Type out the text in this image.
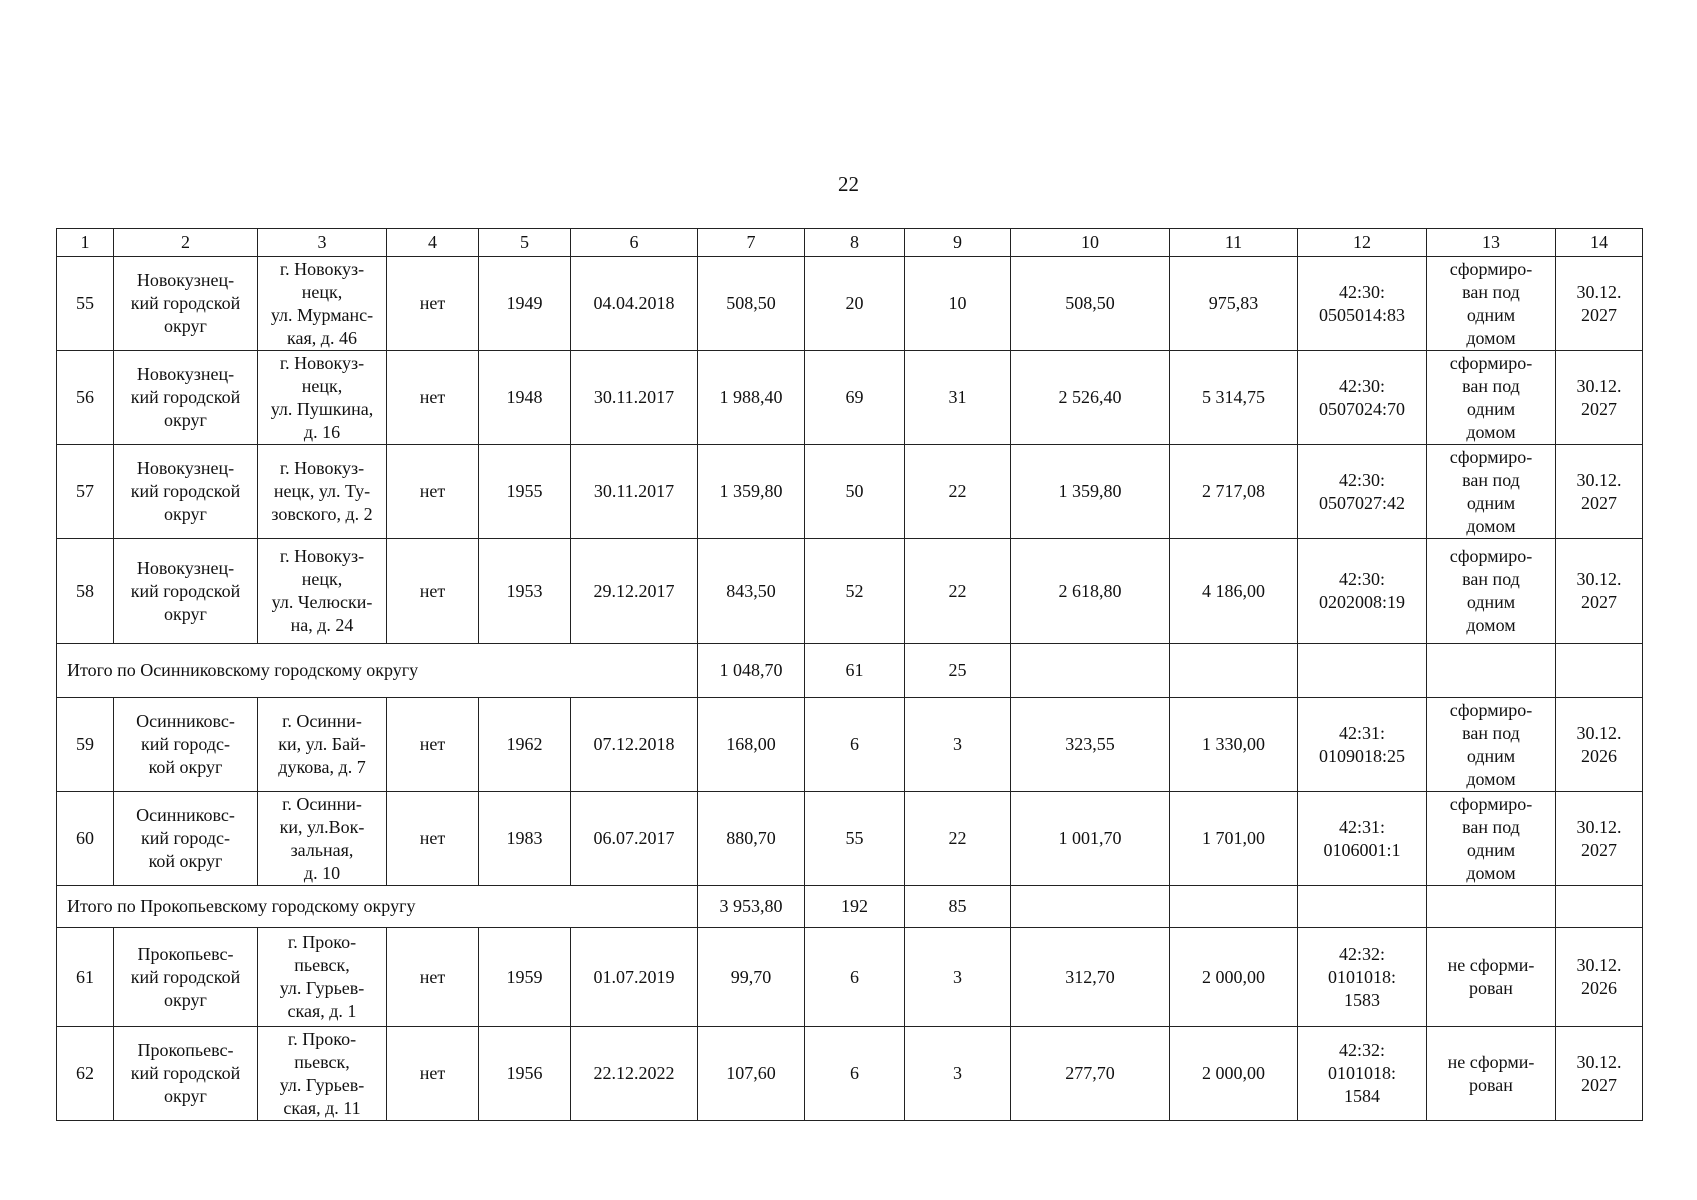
22
1	2	3	4	5	6	7	8	9	10	11	12	13	14
55	Новокузнец-
кий городской
округ	г. Новокуз-
нецк,
ул. Мурманс-
кая, д. 46	нет	1949	04.04.2018	508,50	20	10	508,50	975,83	42:30:
0505014:83	сформиро-
ван под
одним
домом	30.12.
2027
56	Новокузнец-
кий городской
округ	г. Новокуз-
нецк,
ул. Пушкина,
д. 16	нет	1948	30.11.2017	1 988,40	69	31	2 526,40	5 314,75	42:30:
0507024:70	сформиро-
ван под
одним
домом	30.12.
2027
57	Новокузнец-
кий городской
округ	г. Новокуз-
нецк, ул. Ту-
зовского, д. 2	нет	1955	30.11.2017	1 359,80	50	22	1 359,80	2 717,08	42:30:
0507027:42	сформиро-
ван под
одним
домом	30.12.
2027
58	Новокузнец-
кий городской
округ	г. Новокуз-
нецк,
ул. Челюски-
на, д. 24	нет	1953	29.12.2017	843,50	52	22	2 618,80	4 186,00	42:30:
0202008:19	сформиро-
ван под
одним
домом	30.12.
2027
Итого по Осинниковскому городскому округу						1 048,70	61	25					
59	Осинниковс-
кий городс-
кой округ	г. Осинни-
ки, ул. Бай-
дукова, д. 7	нет	1962	07.12.2018	168,00	6	3	323,55	1 330,00	42:31:
0109018:25	сформиро-
ван под
одним
домом	30.12.
2026
60	Осинниковс-
кий городс-
кой округ	г. Осинни-
ки, ул.Вок-
зальная,
д. 10	нет	1983	06.07.2017	880,70	55	22	1 001,70	1 701,00	42:31:
0106001:1	сформиро-
ван под
одним
домом	30.12.
2027
Итого по Прокопьевскому городскому округу						3 953,80	192	85					
61	Прокопьевс-
кий городской
округ	г. Проко-
пьевск,
ул. Гурьев-
ская, д. 1	нет	1959	01.07.2019	99,70	6	3	312,70	2 000,00	42:32:
0101018:
1583	не сформи-
рован	30.12.
2026
62	Прокопьевс-
кий городской
округ	г. Проко-
пьевск,
ул. Гурьев-
ская, д. 11	нет	1956	22.12.2022	107,60	6	3	277,70	2 000,00	42:32:
0101018:
1584	не сформи-
рован	30.12.
2027
